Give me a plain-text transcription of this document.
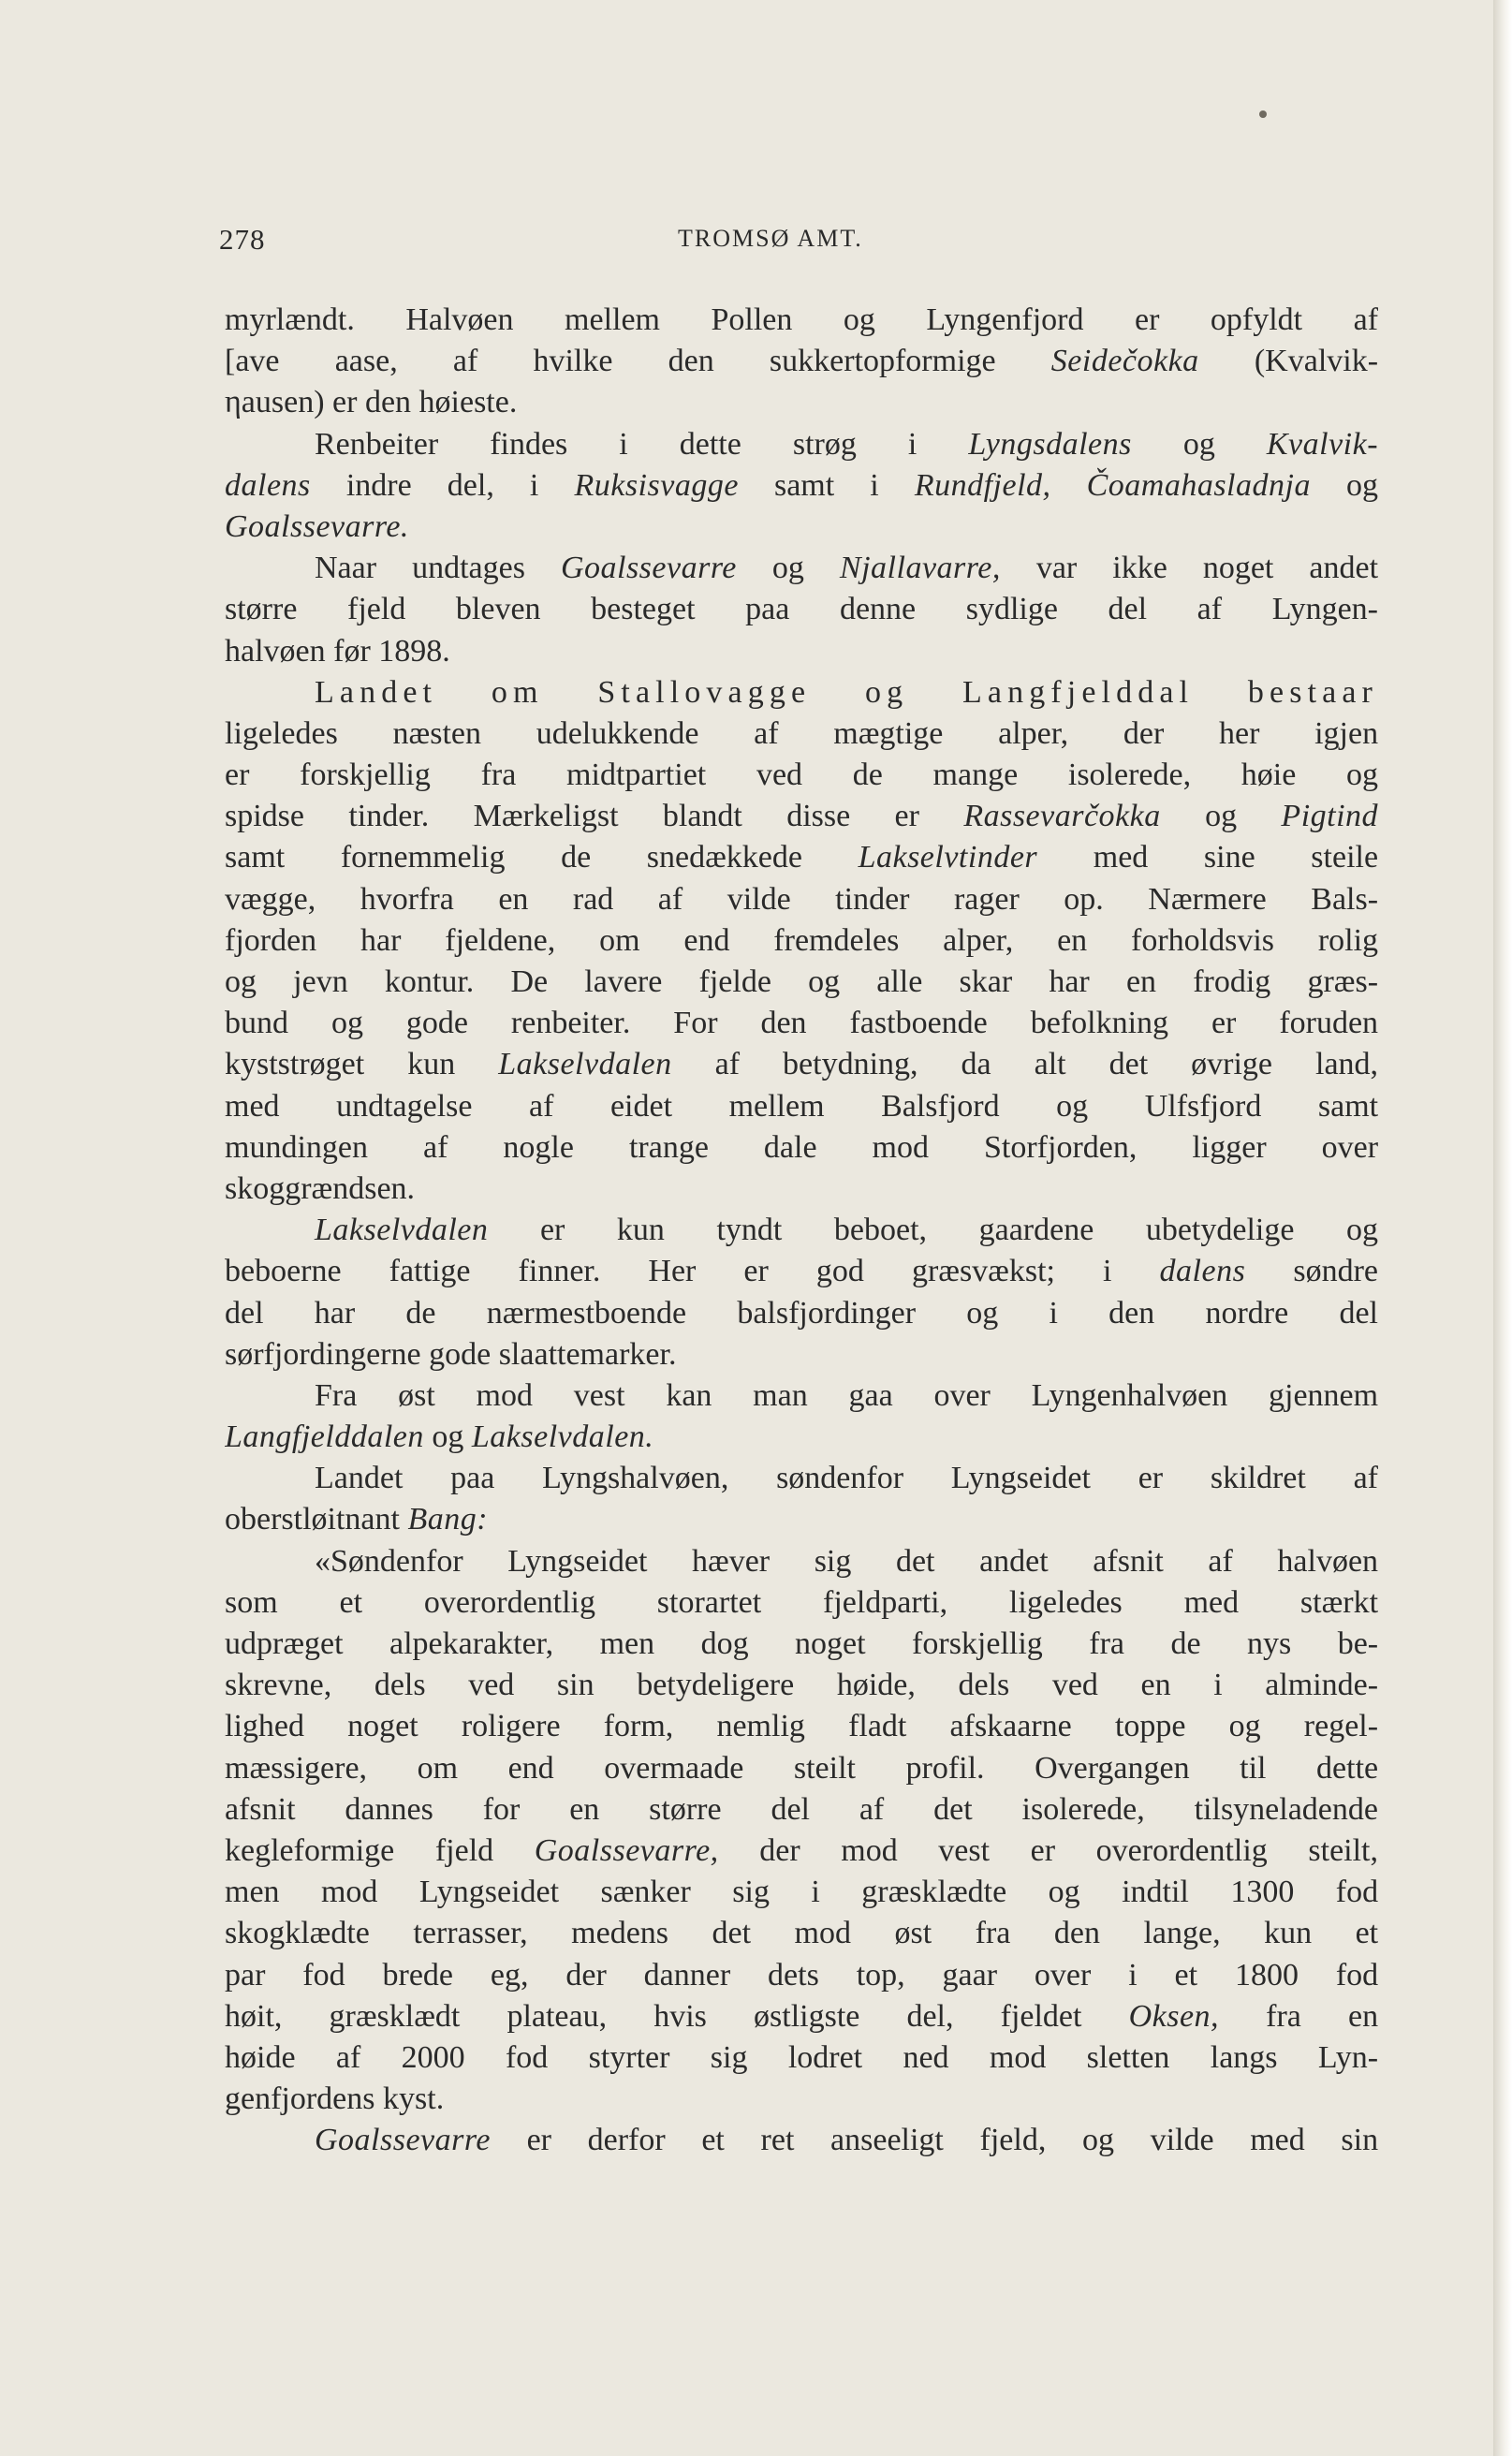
278	TROMSØ AMT.
myrlændt. Halvøen mellem Pollen og Lyngenfjord er opfyldt af
[ave aase, af hvilke den sukkertopformige Seidečokka (Kvalvik-
ηausen) er den høieste.
Renbeiter findes i dette strøg i Lyngsdalens og Kvalvik-
dalens indre del, i Ruksisvagge samt i Rundfjeld, Čoamahasladnja og
Goalssevarre.
Naar undtages Goalssevarre og Njallavarre, var ikke noget andet
større fjeld bleven besteget paa denne sydlige del af Lyngen-
halvøen før 1898.
Landet om Stallovagge og Langfjelddal bestaar
ligeledes næsten udelukkende af mægtige alper, der her igjen
er forskjellig fra midtpartiet ved de mange isolerede, høie og
spidse tinder. Mærkeligst blandt disse er Rassevarčokka og Pigtind
samt fornemmelig de snedækkede Lakselvtinder med sine steile
vægge, hvorfra en rad af vilde tinder rager op. Nærmere Bals-
fjorden har fjeldene, om end fremdeles alper, en forholdsvis rolig
og jevn kontur. De lavere fjelde og alle skar har en frodig græs-
bund og gode renbeiter. For den fastboende befolkning er foruden
kyststrøget kun Lakselvdalen af betydning, da alt det øvrige land,
med undtagelse af eidet mellem Balsfjord og Ulfsfjord samt
mundingen af nogle trange dale mod Storfjorden, ligger over
skoggrændsen.
Lakselvdalen er kun tyndt beboet, gaardene ubetydelige og
beboerne fattige finner. Her er god græsvækst; i dalens søndre
del har de nærmestboende balsfjordinger og i den nordre del
sørfjordingerne gode slaattemarker.
Fra øst mod vest kan man gaa over Lyngenhalvøen gjennem
Langfjelddalen og Lakselvdalen.
Landet paa Lyngshalvøen, søndenfor Lyngseidet er skildret af
oberstløitnant Bang:
«Søndenfor Lyngseidet hæver sig det andet afsnit af halvøen
som et overordentlig storartet fjeldparti, ligeledes med stærkt
udpræget alpekarakter, men dog noget forskjellig fra de nys be-
skrevne, dels ved sin betydeligere høide, dels ved en i alminde-
lighed noget roligere form, nemlig fladt afskaarne toppe og regel-
mæssigere, om end overmaade steilt profil. Overgangen til dette
afsnit dannes for en større del af det isolerede, tilsyneladende
kegleformige fjeld Goalssevarre, der mod vest er overordentlig steilt,
men mod Lyngseidet sænker sig i græsklædte og indtil 1300 fod
skogklædte terrasser, medens det mod øst fra den lange, kun et
par fod brede eg, der danner dets top, gaar over i et 1800 fod
høit, græsklædt plateau, hvis østligste del, fjeldet Oksen, fra en
høide af 2000 fod styrter sig lodret ned mod sletten langs Lyn-
genfjordens kyst.
Goalssevarre er derfor et ret anseeligt fjeld, og vilde med sin
